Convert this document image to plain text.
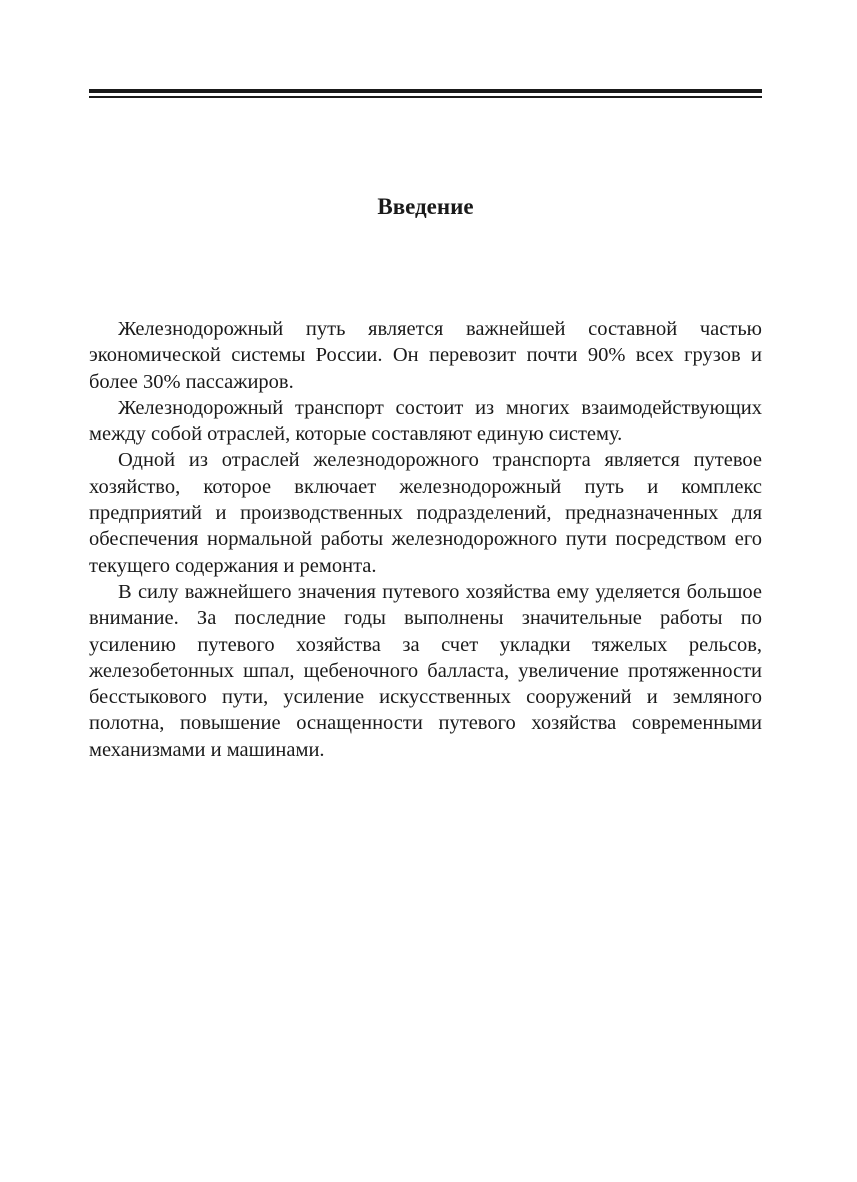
Введение

Железнодорожный путь является важнейшей составной частью экономической системы России. Он перевозит почти 90% всех грузов и более 30% пассажиров.

Железнодорожный транспорт состоит из многих взаимодействующих между собой отраслей, которые составляют единую систему.

Одной из отраслей железнодорожного транспорта является путевое хозяйство, которое включает железнодорожный путь и комплекс предприятий и производственных подразделений, предназначенных для обеспечения нормальной работы железнодорожного пути посредством его текущего содержания и ремонта.

В силу важнейшего значения путевого хозяйства ему уделяется большое внимание. За последние годы выполнены значительные работы по усилению путевого хозяйства за счет укладки тяжелых рельсов, железобетонных шпал, щебеночного балласта, увеличение протяженности бесстыкового пути, усиление искусственных сооружений и земляного полотна, повышение оснащенности путевого хозяйства современными механизмами и машинами.
